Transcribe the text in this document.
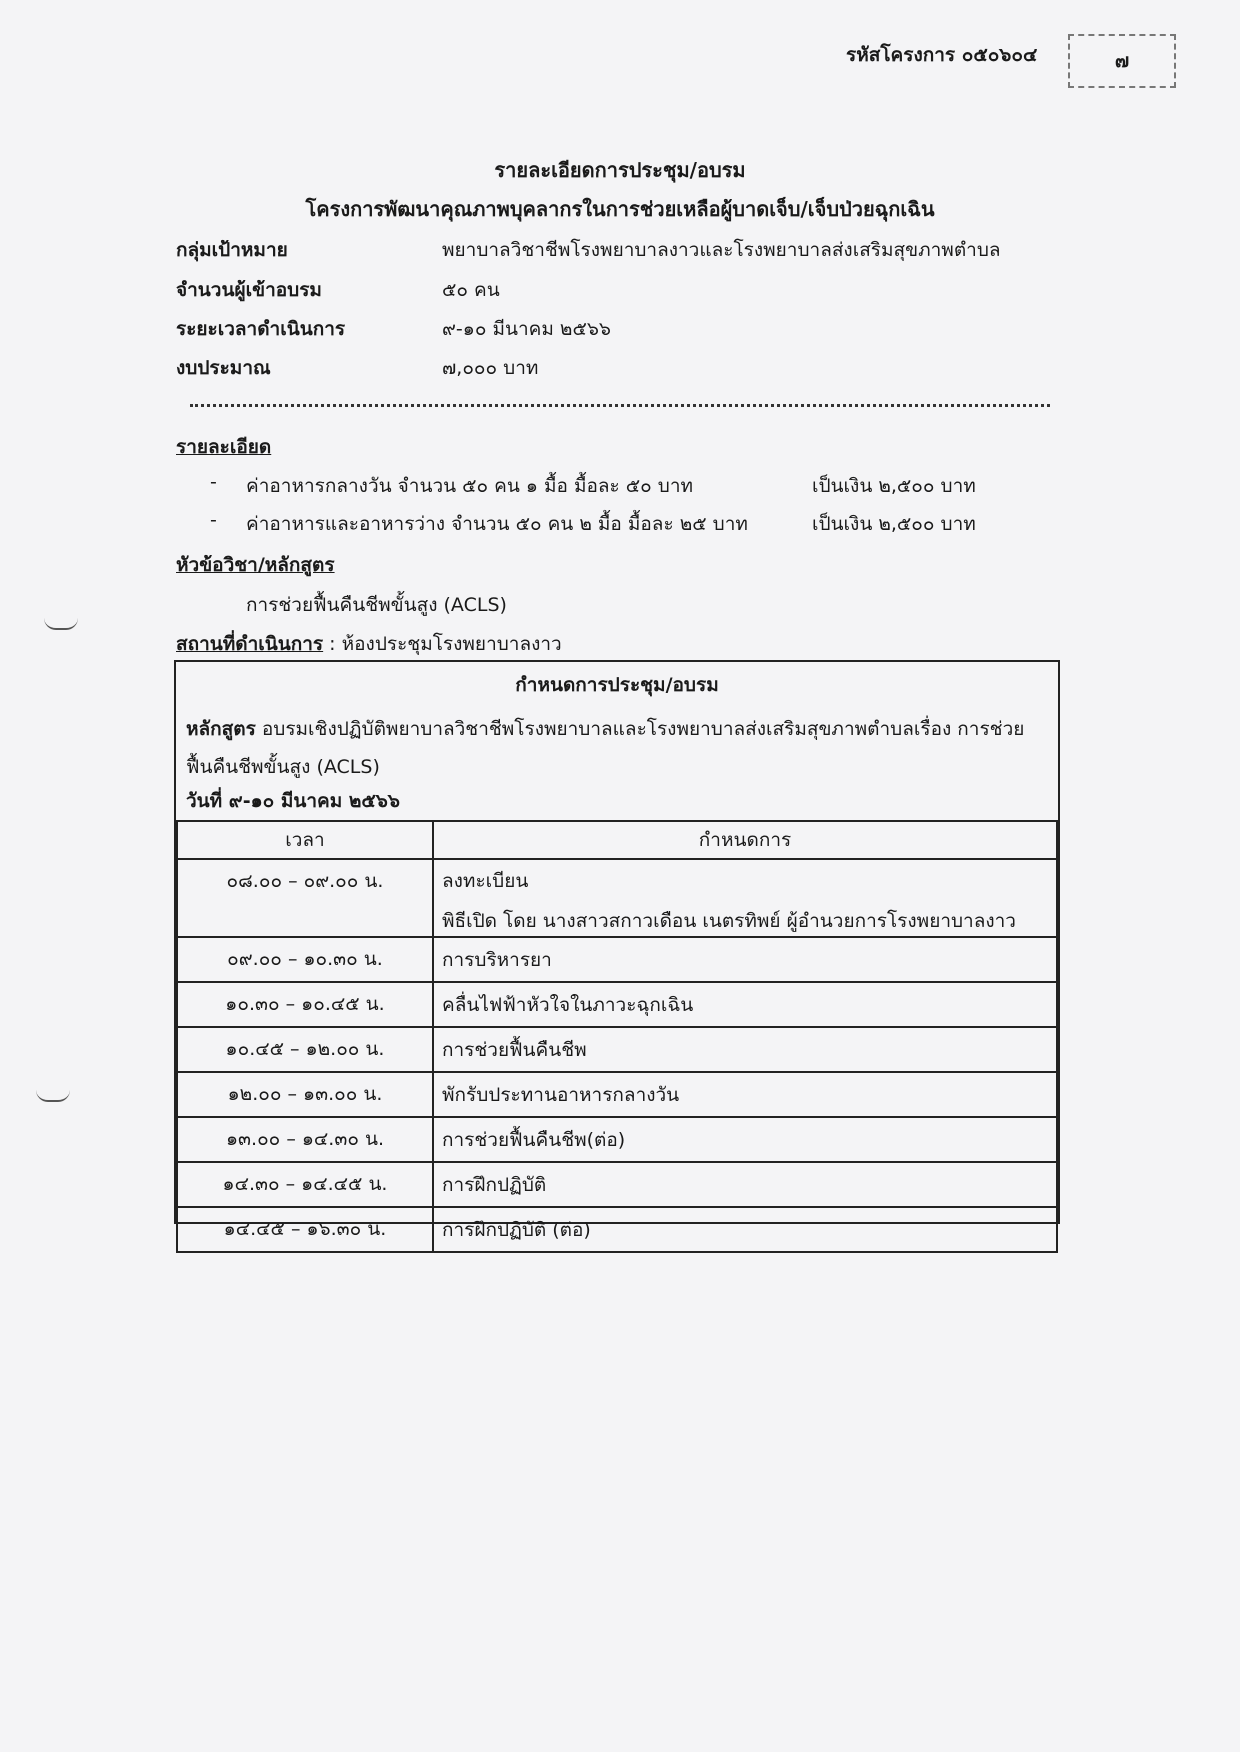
รหัสโครงการ ๐๕๐๖๐๔	๗
รายละเอียดการประชุม/อบรม
โครงการพัฒนาคุณภาพบุคลากรในการช่วยเหลือผู้บาดเจ็บ/เจ็บป่วยฉุกเฉิน
กลุ่มเป้าหมาย	พยาบาลวิชาชีพโรงพยาบาลงาวและโรงพยาบาลส่งเสริมสุขภาพตำบล
จำนวนผู้เข้าอบรม	๕๐ คน
ระยะเวลาดำเนินการ	๙-๑๐ มีนาคม ๒๕๖๖
งบประมาณ	๗,๐๐๐ บาท
รายละเอียด
- ค่าอาหารกลางวัน จำนวน ๕๐ คน ๑ มื้อ มื้อละ ๕๐ บาท	เป็นเงิน ๒,๕๐๐ บาท
- ค่าอาหารและอาหารว่าง จำนวน ๕๐ คน ๒ มื้อ มื้อละ ๒๕ บาท	เป็นเงิน ๒,๕๐๐ บาท
หัวข้อวิชา/หลักสูตร
การช่วยฟื้นคืนชีพขั้นสูง (ACLS)
สถานที่ดำเนินการ : ห้องประชุมโรงพยาบาลงาว
กำหนดการประชุม/อบรม
หลักสูตร อบรมเชิงปฏิบัติพยาบาลวิชาชีพโรงพยาบาลและโรงพยาบาลส่งเสริมสุขภาพตำบลเรื่อง การช่วยฟื้นคืนชีพขั้นสูง (ACLS)
วันที่ ๙-๑๐ มีนาคม ๒๕๖๖
เวลา	กำหนดการ
๐๘.๐๐ – ๐๙.๐๐ น.	ลงทะเบียน
พิธีเปิด โดย นางสาวสกาวเดือน เนตรทิพย์ ผู้อำนวยการโรงพยาบาลงาว

๐๙.๐๐ – ๑๐.๓๐ น.	การบริหารยา
๑๐.๓๐ – ๑๐.๔๕ น.	คลื่นไฟฟ้าหัวใจในภาวะฉุกเฉิน
๑๐.๔๕ – ๑๒.๐๐ น.	การช่วยฟื้นคืนชีพ
๑๒.๐๐ – ๑๓.๐๐ น.	พักรับประทานอาหารกลางวัน
๑๓.๐๐ – ๑๔.๓๐ น.	การช่วยฟื้นคืนชีพ(ต่อ)
๑๔.๓๐ – ๑๔.๔๕ น.	การฝึกปฏิบัติ
๑๔.๔๕ – ๑๖.๓๐ น.	การฝึกปฏิบัติ (ต่อ)
